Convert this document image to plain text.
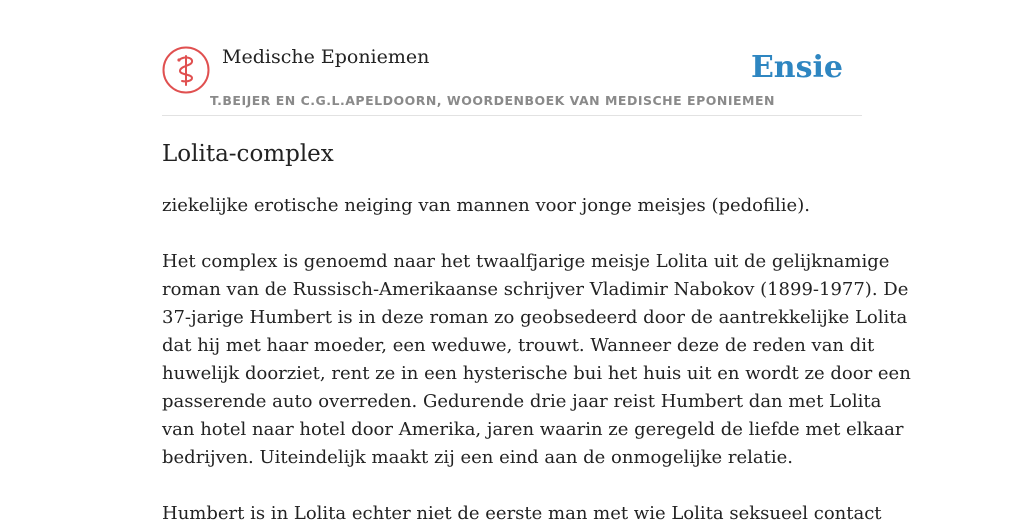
Medische Eponiemen
T.BEIJER EN C.G.L.APELDOORN, WOORDENBOEK VAN MEDISCHE EPONIEMEN
Ensie
Lolita-complex

ziekelijke erotische neiging van mannen voor jonge meisjes (pedofilie).

Het complex is genoemd naar het twaalfjarige meisje Lolita uit de gelijknamige

roman van de Russisch-Amerikaanse schrijver Vladimir Nabokov (1899-1977). De

37-jarige Humbert is in deze roman zo geobsedeerd door de aantrekkelijke Lolita

dat hij met haar moeder, een weduwe, trouwt. Wanneer deze de reden van dit

huwelijk doorziet, rent ze in een hysterische bui het huis uit en wordt ze door een

passerende auto overreden. Gedurende drie jaar reist Humbert dan met Lolita

van hotel naar hotel door Amerika, jaren waarin ze geregeld de liefde met elkaar

bedrijven. Uiteindelijk maakt zij een eind aan de onmogelijke relatie.

Humbert is in Lolita echter niet de eerste man met wie Lolita seksueel contact
